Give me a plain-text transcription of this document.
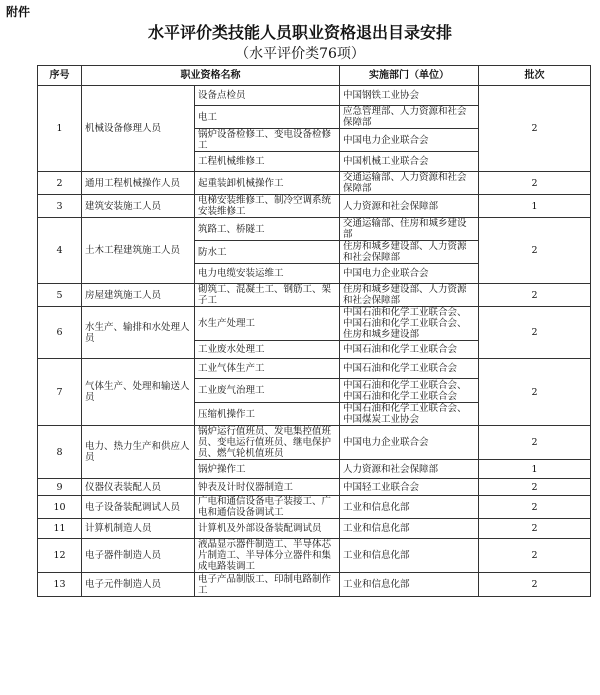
附件
水平评价类技能人员职业资格退出目录安排
（水平评价类76项）
序号	职业资格名称		实施部门（单位）	批次
1	机械设备修理人员	设备点检员	中国钢铁工业协会	2
		电工	应急管理部、人力资源和社会保障部	
		锅炉设备检修工、变电设备检修工	中国电力企业联合会	
		工程机械维修工	中国机械工业联合会	
2	通用工程机械操作人员	起重装卸机械操作工	交通运输部、人力资源和社会保障部	2
3	建筑安装施工人员	电梯安装维修工、制冷空调系统安装维修工	人力资源和社会保障部	1
4	土木工程建筑施工人员	筑路工、桥隧工	交通运输部、住房和城乡建设部	2
		防水工	住房和城乡建设部、人力资源和社会保障部	
		电力电缆安装运维工	中国电力企业联合会	
5	房屋建筑施工人员	砌筑工、混凝土工、钢筋工、架子工	住房和城乡建设部、人力资源和社会保障部	2
6	水生产、输排和水处理人员	水生产处理工	中国石油和化学工业联合会、中国石油和化学工业联合会、住房和城乡建设部	2
		工业废水处理工	中国石油和化学工业联合会	
7	气体生产、处理和输送人员	工业气体生产工	中国石油和化学工业联合会	2
		工业废气治理工	中国石油和化学工业联合会、中国石油和化学工业联合会	
		压缩机操作工	中国石油和化学工业联合会、中国煤炭工业协会	
8	电力、热力生产和供应人员	锅炉运行值班员、发电集控值班员、变电运行值班员、继电保护员、燃气轮机值班员	中国电力企业联合会	2
		锅炉操作工	人力资源和社会保障部	1
9	仪器仪表装配人员	钟表及计时仪器制造工	中国轻工业联合会	2
10	电子设备装配调试人员	广电和通信设备电子装接工、广电和通信设备调试工	工业和信息化部	2
11	计算机制造人员	计算机及外部设备装配调试员	工业和信息化部	2
12	电子器件制造人员	液晶显示器件制造工、半导体芯片制造工、半导体分立器件和集成电路装调工	工业和信息化部	2
13	电子元件制造人员	电子产品制版工、印制电路制作工	工业和信息化部	2
